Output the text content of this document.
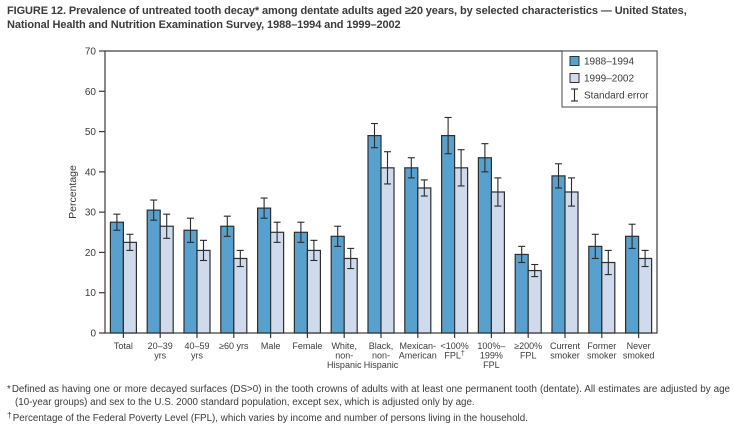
FIGURE 12. Prevalence of untreated tooth decay* among dentate adults aged ≥20 years, by selected characteristics — United States, National Health and Nutrition Examination Survey, 1988–1994 and 1999–2002
0
10
20
30
40
50
60
70
Percentage
Total 20–39 yrs
40–59 yrs
≥60 yrs Male Female	White, non-Hispanic
Black, non-Hispanic
Mexican-American
<100% FPL†
100%– 199% FPL
≥200% FPL
Current smoker
Former smoker
Never smoked
1988–1994
1999–2002
Standard error

*Defined as having one or more decayed surfaces (DS>0) in the tooth crowns of adults with at least one permanent tooth (dentate). All estimates are adjusted by age (10-year groups) and sex to the U.S. 2000 standard population, except sex, which is adjusted only by age.

†Percentage of the Federal Poverty Level (FPL), which varies by income and number of persons living in the household.
